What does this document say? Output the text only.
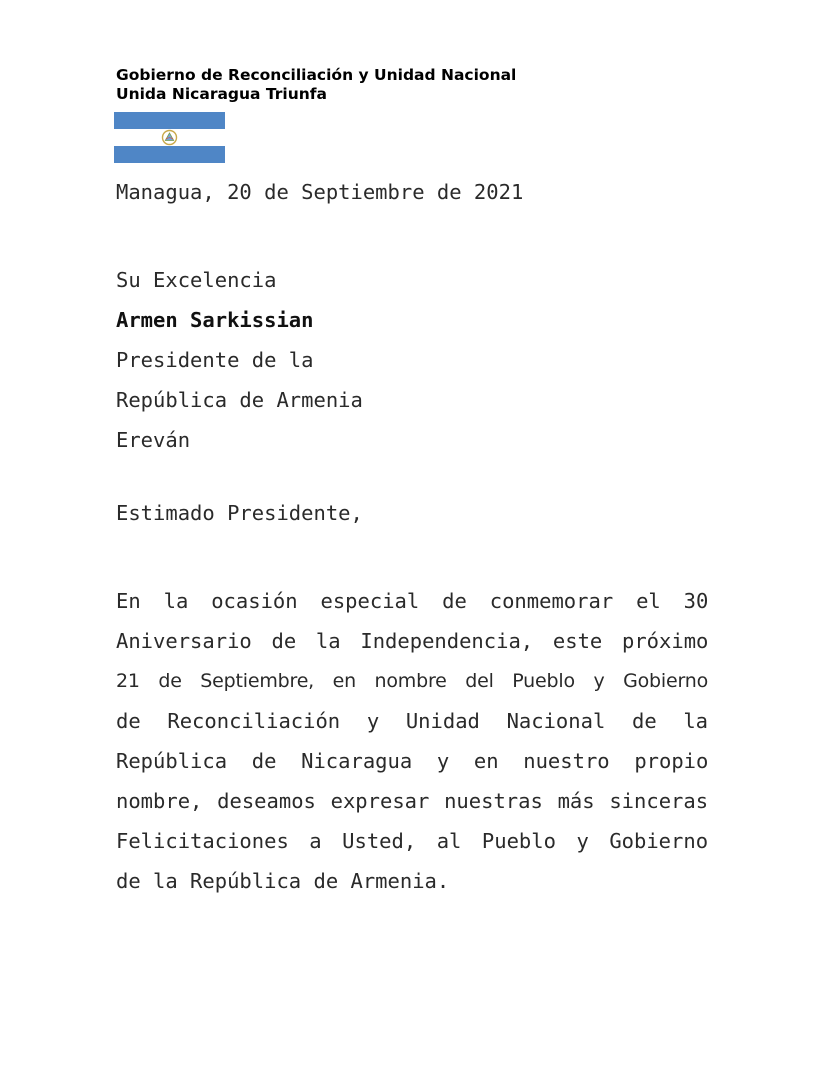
Gobierno de Reconciliación y Unidad Nacional
Unida Nicaragua Triunfa
Managua, 20 de Septiembre de 2021
Su Excelencia
Armen Sarkissian
Presidente de la
República de Armenia
Ereván
Estimado Presidente,
En la ocasión especial de conmemorar el 30
Aniversario de la Independencia, este próximo
21 de Septiembre, en nombre del Pueblo y Gobierno
de Reconciliación y Unidad Nacional de la
República de Nicaragua y en nuestro propio
nombre, deseamos expresar nuestras más sinceras
Felicitaciones a Usted, al Pueblo y Gobierno
de la República de Armenia.
